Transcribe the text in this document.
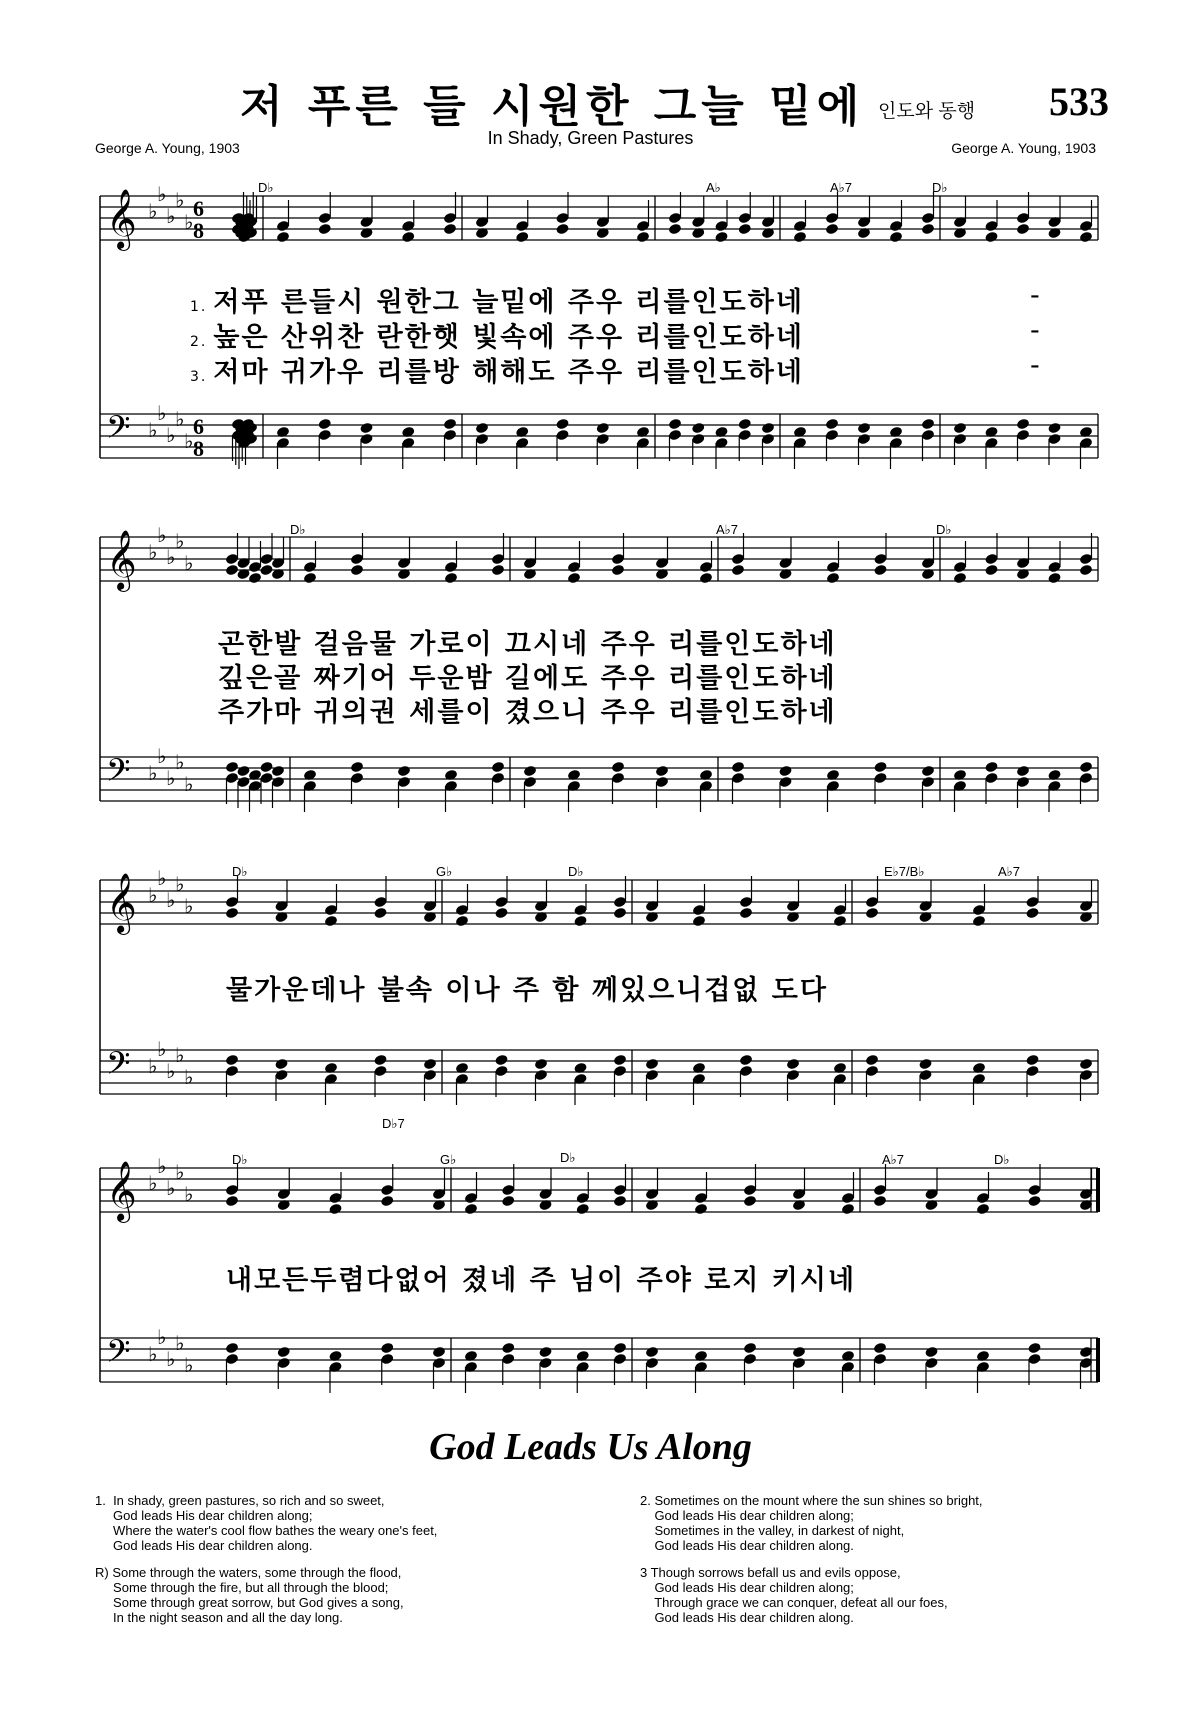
저 푸른 들 시원한 그늘 밑에 인도와 동행 533
In Shady, Green Pastures
George A. Young, 1903	George A. Young, 1903
𝄞
𝄢
♭
♭
♭
♭
♭
♭
♭
♭
♭
♭
6
8
6
8
𝄞
𝄢
♭
♭
♭
♭
♭
♭
♭
♭
♭
♭
𝄞
𝄢
♭
♭
♭
♭
♭
♭
♭
♭
♭
♭
𝄞
𝄢
♭
♭
♭
♭
♭
♭
♭
♭
♭
♭
D♭	A♭	A♭7	D♭
1. 저푸 른들시 원한그 늘밑에 주우 리를인도하네
2. 높은 산위찬 란한햇 빛속에 주우 리를인도하네
3. 저마 귀가우 리를방 해해도 주우 리를인도하네
-
-
-
D♭	A♭7	D♭
곤한발 걸음물 가로이 끄시네 주우 리를인도하네
깊은골 짜기어 두운밤 길에도 주우 리를인도하네
주가마 귀의권 세를이 겼으니 주우 리를인도하네
D♭	G♭	D♭	E♭7/B♭	A♭7
물가운데나 불속 이나 주 함 께있으니겁없 도다
D♭
D♭7
G♭	D♭	A♭7	D♭
내모든두렴다없어 졌네 주 님이 주야 로지 키시네
God Leads Us Along
1.  In shady, green pastures, so rich and so sweet,
God leads His dear children along;
Where the water's cool flow bathes the weary one's feet,
God leads His dear children along.
2. Sometimes on the mount where the sun shines so bright,
God leads His dear children along;
Sometimes in the valley, in darkest of night,
God leads His dear children along.
R) Some through the waters, some through the flood,
Some through the fire, but all through the blood;
Some through great sorrow, but God gives a song,
In the night season and all the day long.
3 Though sorrows befall us and evils oppose,
God leads His dear children along;
Through grace we can conquer, defeat all our foes,
God leads His dear children along.
